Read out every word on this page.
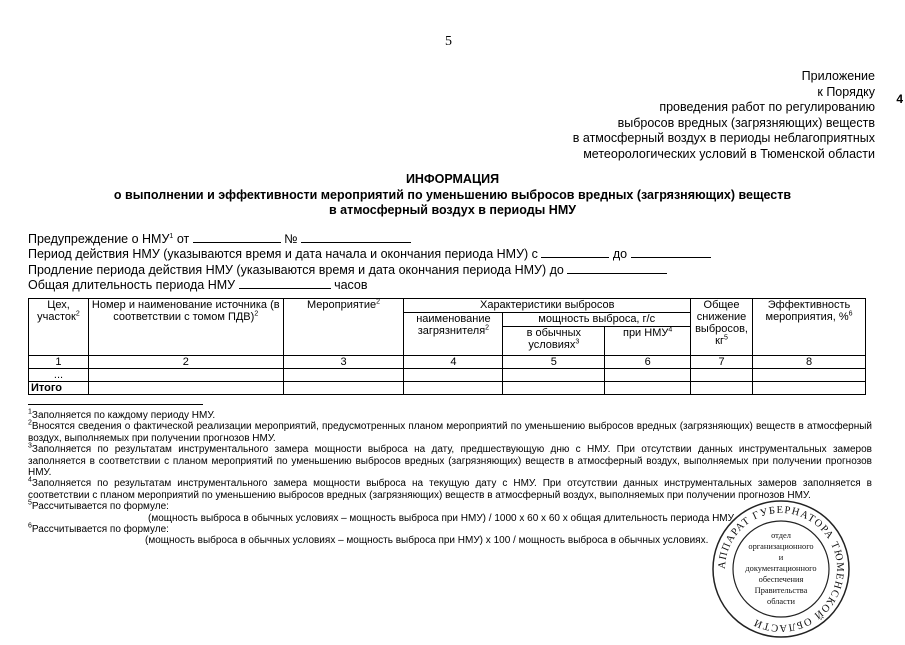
5
4
Приложение
к Порядку
проведения работ по регулированию
выбросов вредных (загрязняющих) веществ
в атмосферный воздух в периоды неблагоприятных
метеорологических условий в Тюменской области
ИНФОРМАЦИЯ
о выполнении и эффективности мероприятий по уменьшению выбросов вредных (загрязняющих) веществ
в атмосферный воздух в периоды НМУ
Предупреждение о НМУ$^1$ от	№
Период действия НМУ (указываются время и дата начала и окончания периода НМУ) с	до
Продление периода действия НМУ (указываются время и дата окончания периода НМУ) до
Общая длительность периода НМУ	часов
Цех, участок$^2$	Номер и наименование источника (в соответствии с томом ПДВ)$^2$	Мероприятие$^2$	Характеристики выбросов			Общее снижение выбросов, $кг^5$	Эффективность мероприятия, %$^6$
			наименование загрязнителя$^2$	мощность выброса, г/с			
				в обычных условиях$^3$	при НМУ$^4$
1	2	3	4	5	6	7	8
...							
Итого							

$^1$Заполняется по каждому периоду НМУ.

$^2$Вносятся сведения о фактической реализации мероприятий, предусмотренных планом мероприятий по уменьшению выбросов вредных (загрязняющих) веществ в атмосферный воздух, выполняемых при получении прогнозов НМУ.

$^3$Заполняется по результатам инструментального замера мощности выброса на дату, предшествующую дню с НМУ. При отсутствии данных инструментальных замеров заполняется в соответствии с планом мероприятий по уменьшению выбросов вредных (загрязняющих) веществ в атмосферный воздух, выполняемых при получении прогнозов НМУ.

$^4$Заполняется по результатам инструментального замера мощности выброса на текущую дату с НМУ. При отсутствии данных инструментальных замеров заполняется в соответствии с планом мероприятий по уменьшению выбросов вредных (загрязняющих) веществ в атмосферный воздух, выполняемых при получении прогнозов НМУ.

$^5$Рассчитывается по формуле:

(мощность выброса в обычных условиях – мощность выброса при НМУ) / 1000 x 60 x 60 x общая длительность периода НМУ.

$^6$Рассчитывается по формуле:

(мощность выброса в обычных условиях – мощность выброса при НМУ) x 100 / мощность выброса в обычных условиях.

АППАРАТ ГУБЕРНАТОРА ТЮМЕНСКОЙ ОБЛАСТИ
отдел
организационного
и
документационного
обеспечения
Правительства
области
